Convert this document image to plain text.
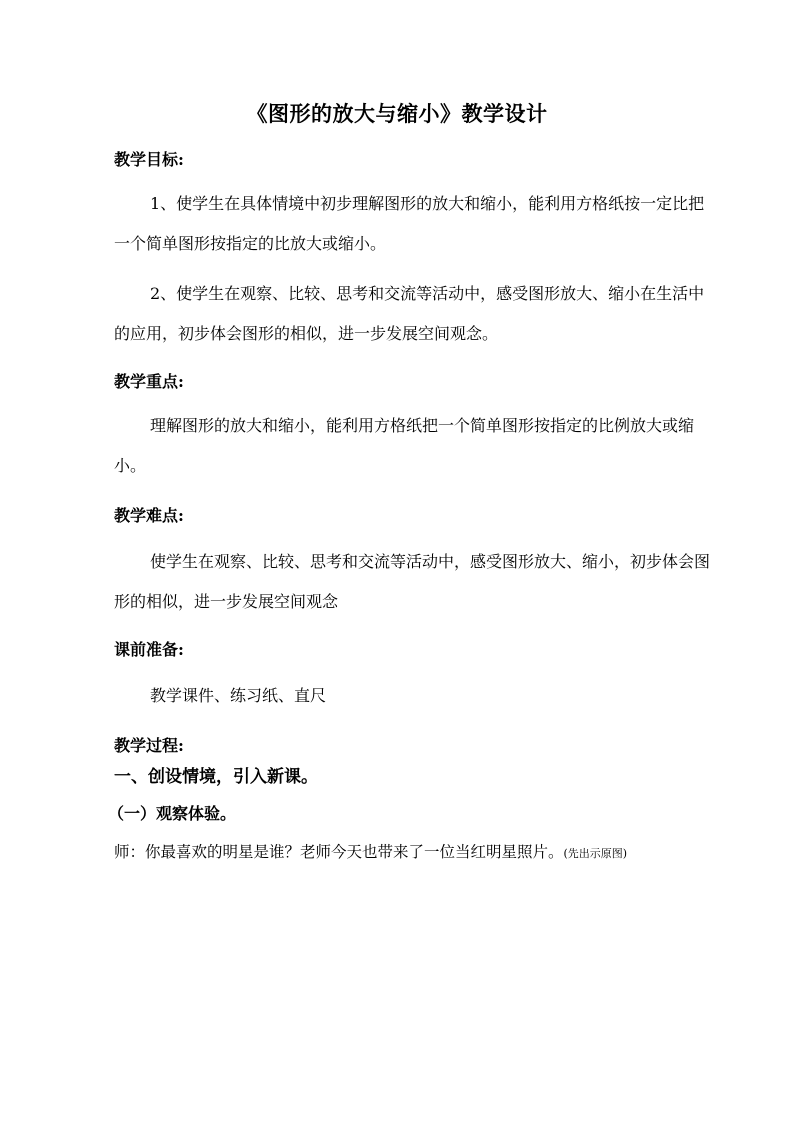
《图形的放大与缩小》教学设计
教学目标:
1、使学生在具体情境中初步理解图形的放大和缩小，能利用方格纸按一定比把一个简单图形按指定的比放大或缩小。
2、使学生在观察、比较、思考和交流等活动中，感受图形放大、缩小在生活中的应用，初步体会图形的相似，进一步发展空间观念。
教学重点:
理解图形的放大和缩小，能利用方格纸把一个简单图形按指定的比例放大或缩小。
教学难点:
使学生在观察、比较、思考和交流等活动中，感受图形放大、缩小，初步体会图形的相似，进一步发展空间观念
课前准备:
教学课件、练习纸、直尺
教学过程:
一、创设情境，引入新课。
（一）观察体验。
师：你最喜欢的明星是谁？老师今天也带来了一位当红明星照片。(先出示原图)
